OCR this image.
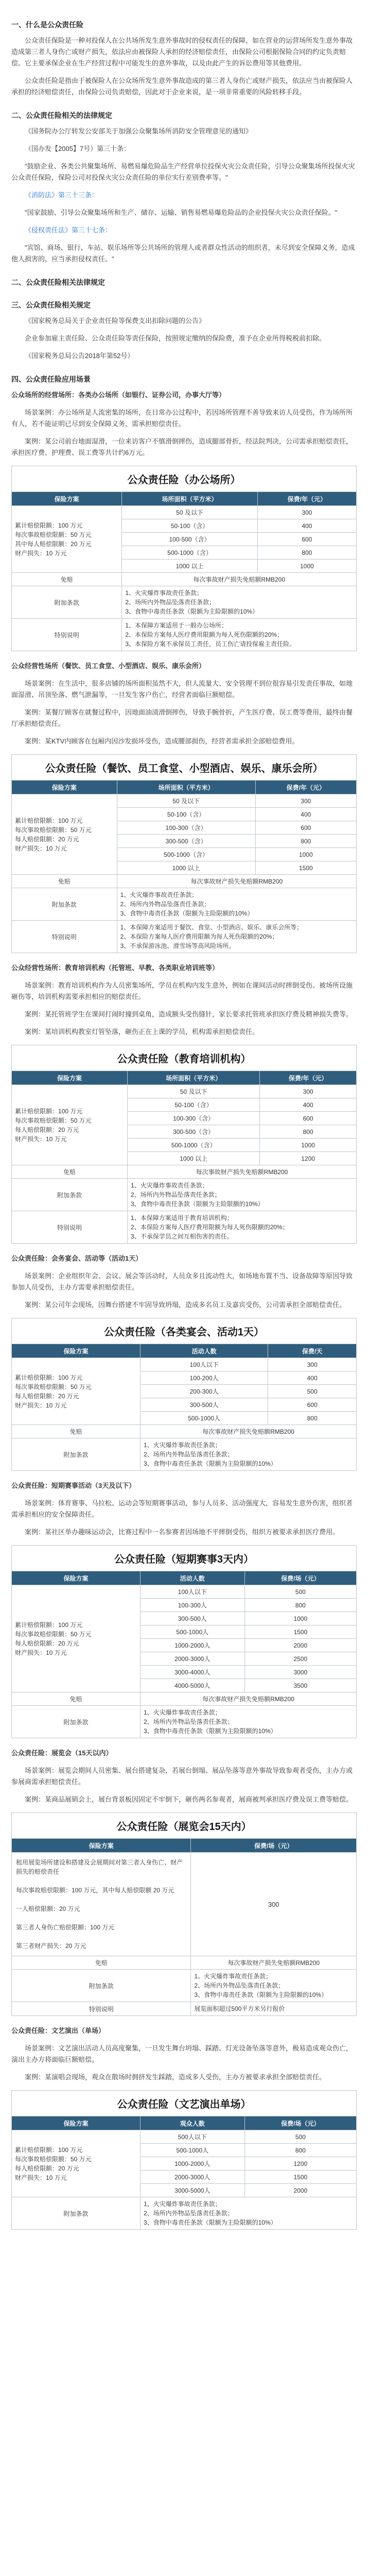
一、什么是公众责任险
公众责任保险是一种对投保人在公共场所发生意外事故时的侵权责任的保障，如在营业的运营场所发生意外事故造成第三者人身伤亡或财产损失，依法应由被保险人承担的经济赔偿责任，由保险公司根据保险合同的约定负责赔偿。它主要承保企业在生产经营过程中可能发生的意外事故，以及由此产生的诉讼费用等其他费用。
公众责任险是指由于被保险人在公众场所发生意外事故造成的第三者人身伤亡或财产损失，依法应当由被保险人承担的经济赔偿责任，由保险公司负责赔偿，因此对于企业来说，是一项非常重要的风险转移手段。
二、公众责任险相关的法律规定
《国务院办公厅转发公安部关于加强公众聚集场所消防安全管理意见的通知》
（国办发【2005】7号）第三十条：
"鼓励企业、各类公共聚集场所、易燃易爆危险品生产经营单位投保火灾公众责任险，引导公众聚集场所投保火灾公众责任保险，保险公司对投保火灾公众责任险的单位实行差别费率等。"
《消防法》第三十三条：
"国家鼓励、引导公众聚集场所和生产、储存、运输、销售易燃易爆危险品的企业投保火灾公众责任保险。"
《侵权责任法》第三十七条：
"宾馆、商场、银行、车站、娱乐场所等公共场所的管理人或者群众性活动的组织者，未尽到安全保障义务，造成他人损害的，应当承担侵权责任。"
二、公众责任险相关法律规定
三、公众责任险相关规定
《国家税务总局关于企业责任险等保费支出扣除问题的公告》
企业参加雇主责任险、公众责任险等责任保险，按照规定缴纳的保险费，准予在企业所得税税前扣除。
（国家税务总局公告2018年第52号）
四、公众责任险应用场景
公众场所的经营场所：各类办公场所（如银行、证券公司，办事大厅等）
场景案例：办公场所是人流密集的场所，在日常办公过程中，若因场所管理不善导致来访人员受伤，作为场所所有人，若不能证明已尽到安全保障义务，需承担赔偿责任。
案例：某公司前台地面湿滑，一位来访客户不慎滑倒摔伤，造成腿部骨折，经法院判决，公司需承担赔偿责任，承担医疗费、护理费、误工费等共计约6万元。
公众责任险（办公场所）
保险方案	场所面积（平方米）	保费/年（元）

累计赔偿限额：100 万元
每次事故赔偿限额：50 万元
其中每人赔偿限额：20 万元
财产损失：10 万元	50 及以下	300
	50-100（含）	400
	100-500（含）	600
	500-1000（含）	800
	1000 以上	1000
免赔	每次事故财产损失免赔额RMB200	
附加条款	1、火灾爆炸事故责任条款；
2、场所内外物品坠落责任条款；
3、食物中毒责任条款（限额为主险限额的10%）	
特别说明	1、本保障方案适用于一般办公场所；
2、本保险方案每人医疗费用限额为每人死伤限额的20%；
3、本保险方案不承保员工责任，员工伤亡请投保雇主责任险。	
公众经营性场所（餐饮、员工食堂、小型酒店、娱乐、康乐会所）
场景案例：在生活中，很多店铺的场所面积虽然不大，但人流量大、安全管理不到位很容易引发责任事故，如地面湿滑、吊顶坠落、燃气泄漏等，一旦发生客户伤亡，经营者面临巨额赔偿。
案例：某餐厅顾客在就餐过程中，因地面油渍滑倒摔伤，导致手腕骨折，产生医疗费、误工费等费用，最终由餐厅承担赔偿责任。
案例：某KTV内顾客在包厢内因沙发损坏受伤，造成腰部损伤，经营者需承担全部赔偿费用。
公众责任险（餐饮、员工食堂、小型酒店、娱乐、康乐会所）
保险方案	场所面积（平方米）	保费/年（元）

累计赔偿限额：100 万元
每次事故赔偿限额：50 万元
每人赔偿限额：20 万元
财产损失：10 万元	50 及以下	300
	50-100（含）	400
	100-300（含）	600
	300-500（含）	800
	500-1000（含）	1000
	1000 以上	1500
免赔	每次事故财产损失免赔额RMB200	
附加条款	1、火灾爆炸事故责任条款；
2、场所内外物品坠落责任条款；
3、食物中毒责任条款（限额为主险限额的10%）	
特别说明	1、本保障方案适用于餐饮、食堂、小型酒店、娱乐、康乐会所等；
2、本保险方案每人医疗费用限额为每人死伤限额的20%；
3、不承保游泳池、滑雪场等高风险场所。	
公众经营性场所：教育培训机构（托管班、早教、各类职业培训班等）
场景案例：教育培训机构作为人员密集场所，学员在机构内发生意外，例如在课间活动时摔倒受伤、被场所设施砸伤等，培训机构需要承担相应的赔偿责任。
案例：某托管班学生在课间打闹时撞到桌角，造成额头受伤缝针，家长要求托管班承担医疗费及精神损失费等。
案例：某培训机构教室灯管坠落，砸伤正在上课的学员，机构需承担赔偿责任。
公众责任险（教育培训机构）
保险方案	场所面积（平方米）	保费/年（元）

累计赔偿限额：100 万元
每次事故赔偿限额：50 万元
每人赔偿限额：20 万元
财产损失：10 万元	50 及以下	300
	50-100（含）	400
	100-300（含）	600
	300-500（含）	800
	500-1000（含）	1000
	1000 以上	1200
免赔	每次事故财产损失免赔额RMB200	
附加条款	1、火灾爆炸事故责任条款；
2、场所内外物品坠落责任条款；
3、食物中毒责任条款（限额为主险限额的10%）	
特别说明	1、本保障方案适用于教育培训机构；
2、本保险方案每人医疗费用限额为每人死伤限额的20%；
3、不承保学员之间互相伤害的责任。	
公众责任险：会务宴会、活动等（活动1天）
场景案例：企业组织年会、会议、展会等活动时，人员众多且流动性大，如场地布置不当、设备故障等原因导致参加人员受伤，主办方需要承担赔偿责任。
案例：某公司年会现场，因舞台搭建不牢固导致坍塌，造成多名员工及嘉宾受伤，公司需承担全部赔偿责任。
公众责任险（各类宴会、活动1天）
保险方案	活动人数	保费/天

累计赔偿限额：100 万元
每次事故赔偿限额：50 万元
每人赔偿限额：20 万元
财产损失：10 万元	100人以下	300
	100-200人	400
	200-300人	500
	300-500人	600
	500-1000人	800
免赔	每次事故财产损失免赔额RMB200	
附加条款	1、火灾爆炸事故责任条款；
2、场所内外物品坠落责任条款；
3、食物中毒责任条款（限额为主险限额的10%）	
公众责任险：短期赛事活动（3天及以下）
场景案例：体育赛事、马拉松、运动会等短期赛事活动，参与人员多、活动强度大，容易发生意外伤害，组织者需承担相应的安全保障责任。
案例：某社区举办趣味运动会，比赛过程中一名参赛者因场地不平摔倒受伤，组织方被要求承担医疗费用。
公众责任险（短期赛事3天内）
保险方案	活动人数	保费/场（元）

累计赔偿限额：100 万元
每次事故赔偿限额：50 万元
每人赔偿限额：20 万元
财产损失：10 万元	100人以下	500
	100-300人	800
	300-500人	1000
	500-1000人	1500
	1000-2000人	2000
	2000-3000人	2500
	3000-4000人	3000
	4000-5000人	3500
免赔	每次事故财产损失免赔额RMB200	
附加条款	1、火灾爆炸事故责任条款；
2、场所内外物品坠落责任条款；
3、食物中毒责任条款（限额为主险限额的10%）	
公众责任险：展览会（15天以内）
场景案例：展览会期间人员密集、展台搭建复杂，若展台倒塌、展品坠落等意外事故导致参观者受伤，主办方或参展商需承担赔偿责任。
案例：某商品展销会上，展台背景板因固定不牢倒下，砸伤两名参观者，展商被判承担医疗费及误工费等赔偿。
公众责任险（展览会15天内）
保险方案	保费/场（元）
租用展览场所建设和搭建及会展期间对第三者人身伤亡、财产损失的赔偿责任

每次事故赔偿限额：100 万元，其中每人赔偿限额 20 万元

一人赔偿限额：20 万元

第三者人身伤亡赔偿限额：100 万元

第三者财产损失：20 万元	300
免赔	每次事故财产损失免赔额RMB200
附加条款	1、火灾爆炸事故责任条款；
2、场所内外物品坠落责任条款；
3、食物中毒责任条款（限额为主险限额的10%）
特别说明	展览面积超过500平方米另行报价
公众责任险：文艺演出（单场）
场景案例：文艺演出活动人员高度聚集，一旦发生舞台坍塌、踩踏、灯光设备坠落等意外，极易造成观众伤亡，演出主办方将面临巨额赔偿。
案例：某演唱会现场，观众在散场时拥挤发生踩踏，造成多人受伤，主办方被要求承担全部赔偿责任。
公众责任险（文艺演出单场）
保险方案	观众人数	保费/场（元）

累计赔偿限额：100 万元
每次事故赔偿限额：50 万元
每人赔偿限额：20 万元
财产损失：10 万元	500人以下	500
	500-1000人	800
	1000-2000人	1200
	2000-3000人	1500
	3000-5000人	2000
附加条款	1、火灾爆炸事故责任条款；
2、场所内外物品坠落责任条款；
3、食物中毒责任条款（限额为主险限额的10%）	
